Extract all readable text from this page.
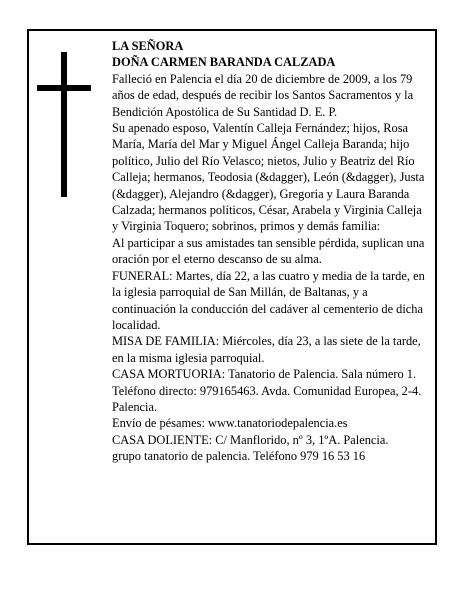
LA SEÑORA

DOÑA CARMEN BARANDA CALZADA

Falleció en Palencia el día 20 de diciembre de 2009, a los 79 años de edad, después de recibir los Santos Sacramentos y la Bendición Apostólica de Su Santidad D. E. P.

Su apenado esposo, Valentín Calleja Fernández; hijos, Rosa María, María del Mar y Miguel Ángel Calleja Baranda; hijo político, Julio del Río Velasco; nietos, Julio y Beatriz del Río Calleja; hermanos, Teodosia (&dagger), León (&dagger), Justa (&dagger), Alejandro (&dagger), Gregoria y Laura Baranda Calzada; hermanos políticos, César, Arabela y Virginia Calleja y Virginia Toquero; sobrinos, primos y demás familia:

Al participar a sus amistades tan sensible pérdida, suplican una oración por el eterno descanso de su alma.

FUNERAL: Martes, día 22, a las cuatro y media de la tarde, en la iglesia parroquial de San Millán, de Baltanas, y a continuación la conducción del cadáver al cementerio de dicha localidad.

MISA DE FAMILIA: Miércoles, día 23, a las siete de la tarde, en la misma iglesia parroquial.

CASA MORTUORIA: Tanatorio de Palencia. Sala número 1. Teléfono directo: 979165463. Avda. Comunidad Europea, 2-4. Palencia.

Envío de pésames: www.tanatoriodepalencia.es

CASA DOLIENTE: C/ Manflorido, nº 3, 1ºA. Palencia.

grupo tanatorio de palencia. Teléfono 979 16 53 16
